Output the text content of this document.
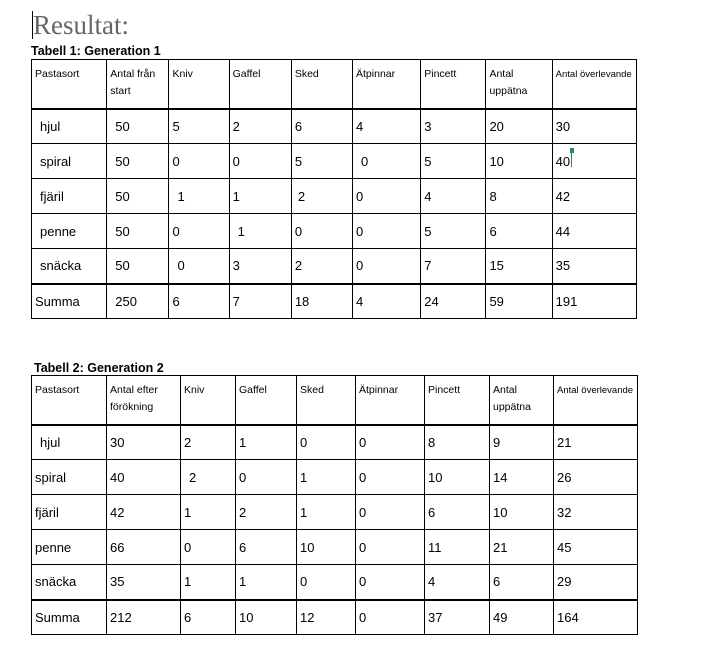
Resultat:

Tabell 1: Generation 1

Pastasort	Antal från start	Kniv	Gaffel	Sked	Ätpinnar	Pincett	Antal uppätna	Antal överlevande
hjul	50	5	2	6	4	3	20	30
spiral	50	0	0	5	0	5	10	40

fjäril	50	1	1	2	0	4	8	42
penne	50	0	1	0	0	5	6	44
snäcka	50	0	3	2	0	7	15	35
Summa	250	6	7	18	4	24	59	191

Tabell 2: Generation 2

Pastasort	Antal efter förökning	Kniv	Gaffel	Sked	Ätpinnar	Pincett	Antal uppätna	Antal överlevande
hjul	30	2	1	0	0	8	9	21
spiral	40	2	0	1	0	10	14	26
fjäril	42	1	2	1	0	6	10	32
penne	66	0	6	10	0	11	21	45
snäcka	35	1	1	0	0	4	6	29
Summa	212	6	10	12	0	37	49	164
